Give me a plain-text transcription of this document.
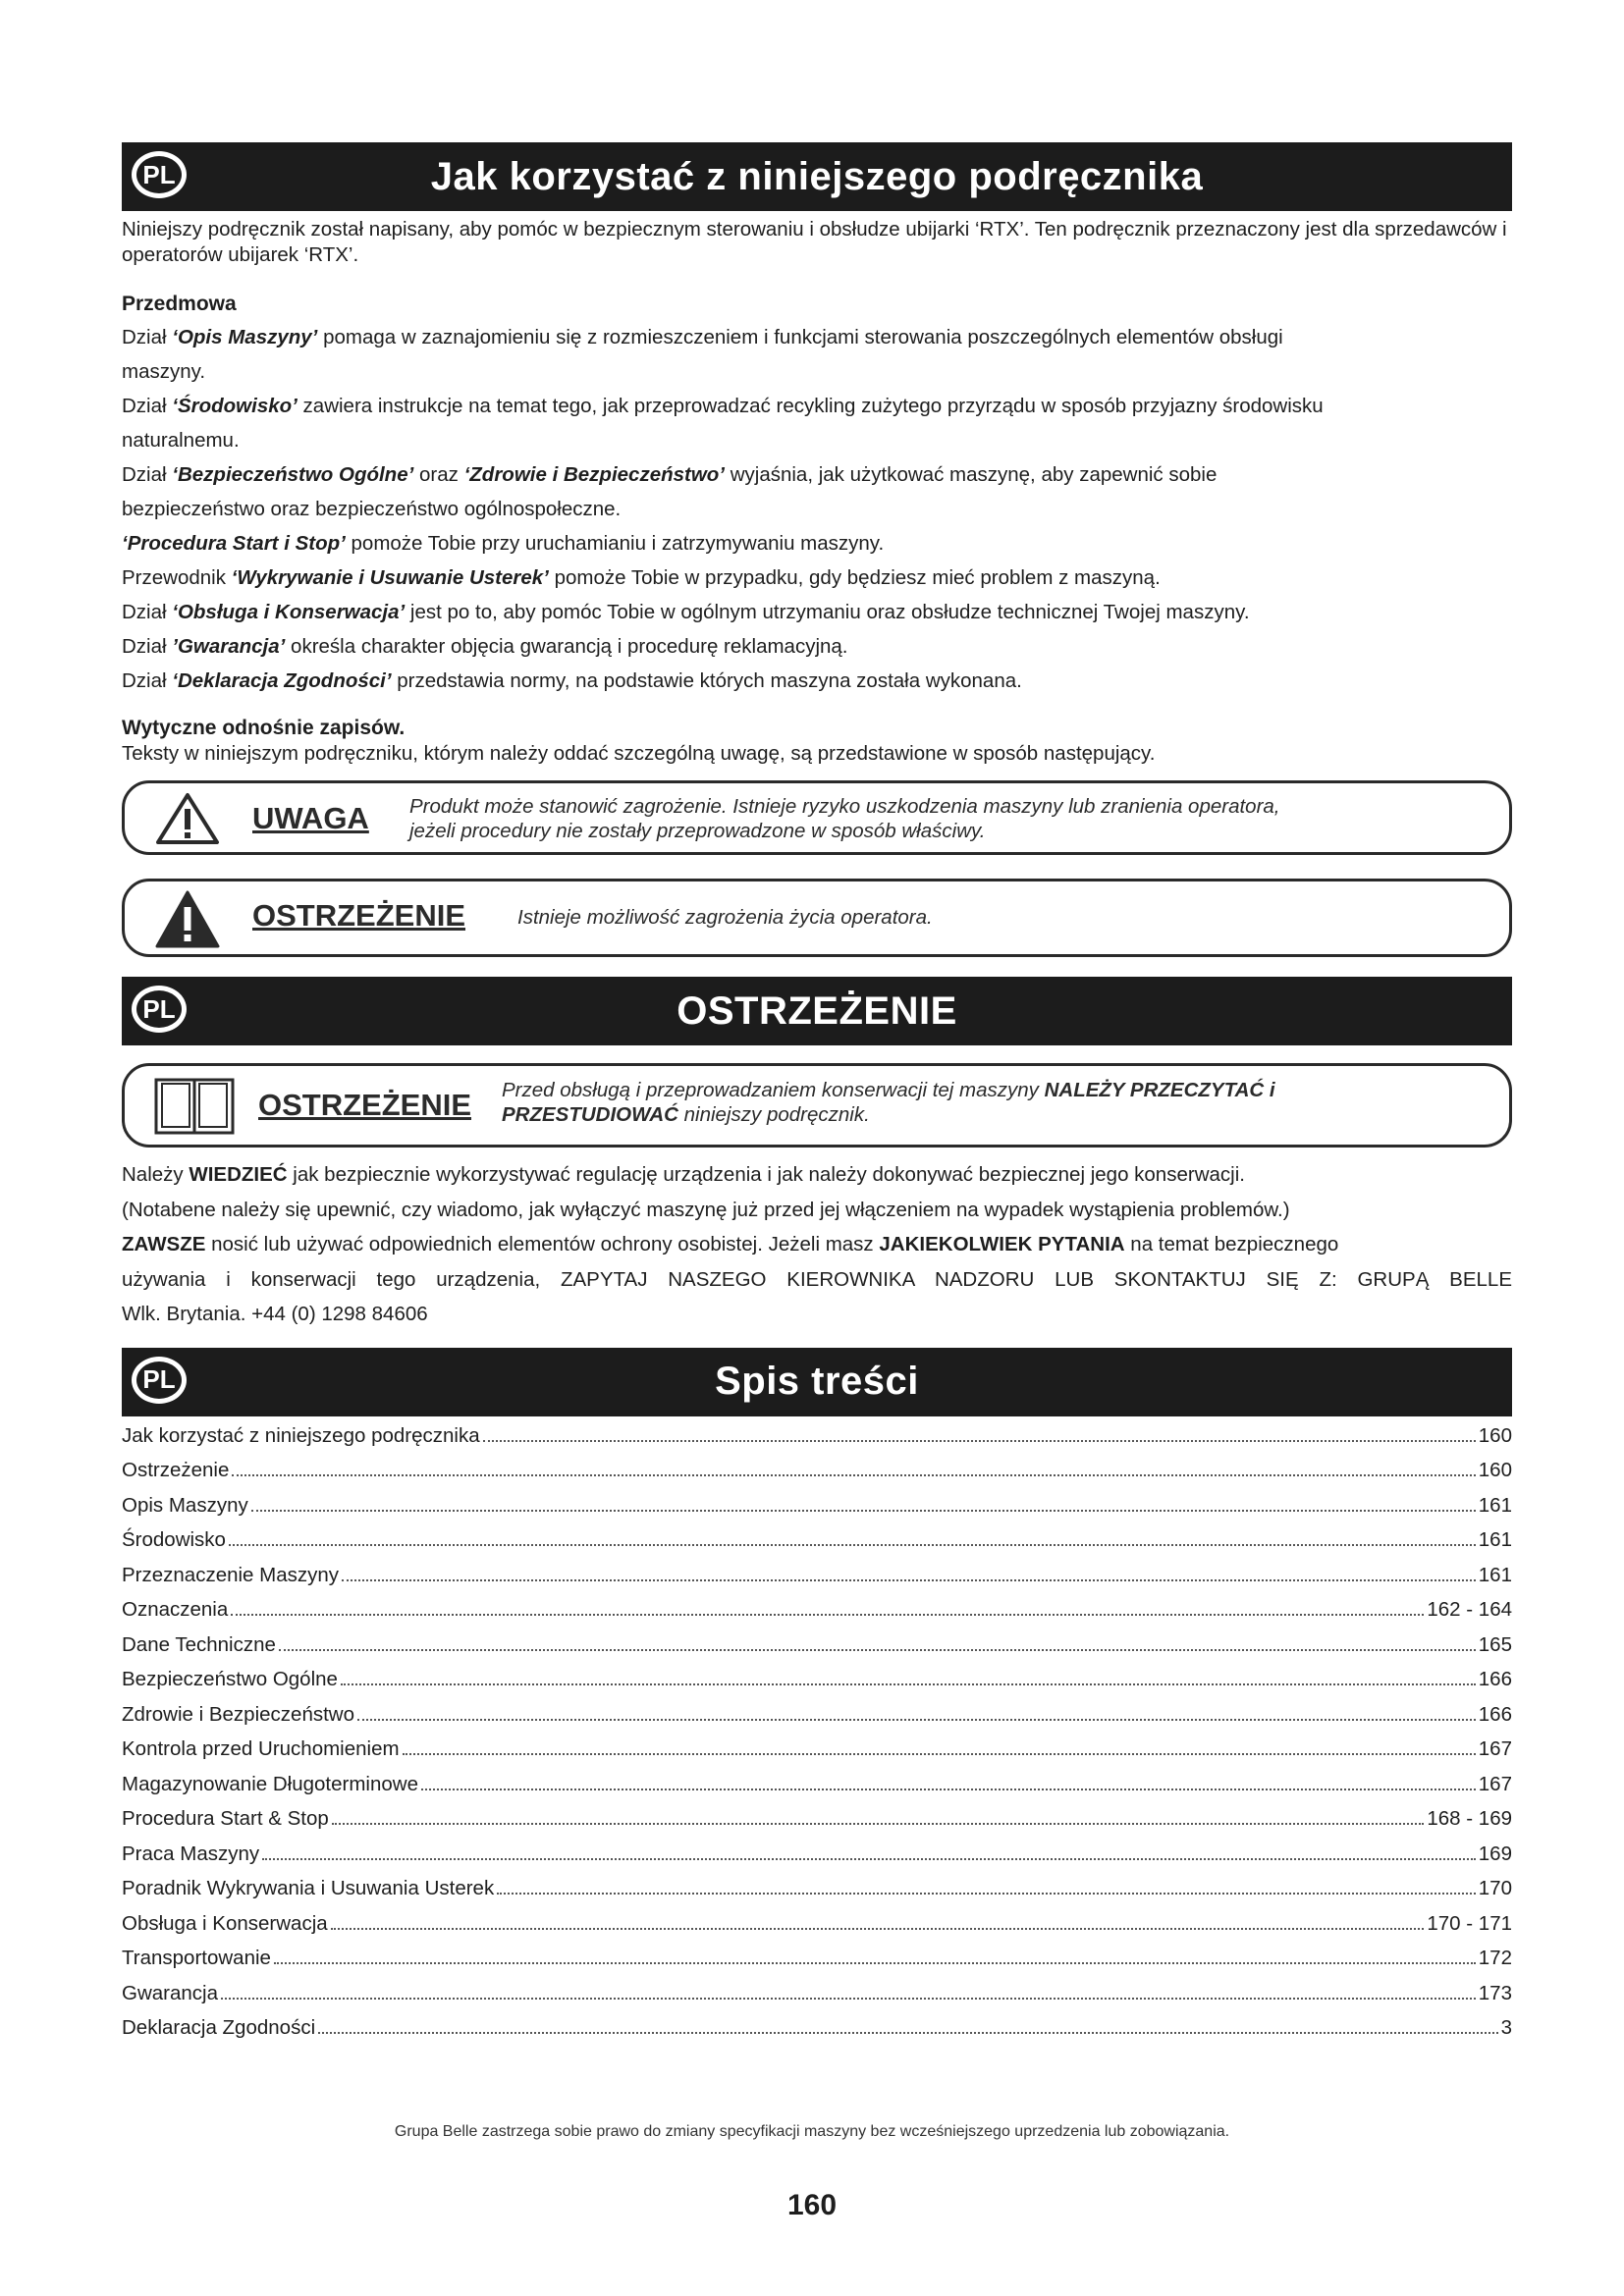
PL	Jak korzystać z niniejszego podręcznika

Niniejszy podręcznik został napisany, aby pomóc w bezpiecznym sterowaniu i obsłudze ubijarki ‘RTX’. Ten podręcznik przeznaczony jest dla sprzedawców i operatorów ubijarek ‘RTX’.

Przedmowa

Dział ‘Opis Maszyny’ pomaga w zaznajomieniu się z rozmieszczeniem i funkcjami sterowania poszczególnych elementów obsługi

maszyny.

Dział ‘Środowisko’ zawiera instrukcje na temat tego, jak przeprowadzać recykling zużytego przyrządu w sposób przyjazny środowisku

naturalnemu.

Dział ‘Bezpieczeństwo Ogólne’ oraz ‘Zdrowie i Bezpieczeństwo’ wyjaśnia, jak użytkować maszynę, aby zapewnić sobie

bezpieczeństwo oraz bezpieczeństwo ogólnospołeczne.

‘Procedura Start i Stop’ pomoże Tobie przy uruchamianiu i zatrzymywaniu maszyny.

Przewodnik ‘Wykrywanie i Usuwanie Usterek’ pomoże Tobie w przypadku, gdy będziesz mieć problem z maszyną.

Dział ‘Obsługa i Konserwacja’ jest po to, aby pomóc Tobie w ogólnym utrzymaniu oraz obsłudze technicznej Twojej maszyny.

Dział ’Gwarancja’ określa charakter objęcia gwarancją i procedurę reklamacyjną.

Dział ‘Deklaracja Zgodności’ przedstawia normy, na podstawie których maszyna została wykonana.

Wytyczne odnośnie zapisów.

Teksty w niniejszym podręczniku, którym należy oddać szczególną uwagę, są przedstawione w sposób następujący.

UWAGA Produkt może stanowić zagrożenie. Istnieje ryzyko uszkodzenia maszyny lub zranienia operatora,
jeżeli procedury nie zostały przeprowadzone w sposób właściwy.
OSTRZEŻENIE	Istnieje możliwość zagrożenia życia operatora.
PL	OSTRZEŻENIE
OSTRZEŻENIE Przed obsługą i przeprowadzaniem konserwacji tej maszyny NALEŻY PRZECZYTAĆ i
PRZESTUDIOWAĆ niniejszy podręcznik.

Należy WIEDZIEĆ jak bezpiecznie wykorzystywać regulację urządzenia i jak należy dokonywać bezpiecznej jego konserwacji.

(Notabene należy się upewnić, czy wiadomo, jak wyłączyć maszynę już przed jej włączeniem na wypadek wystąpienia problemów.)

ZAWSZE nosić lub używać odpowiednich elementów ochrony osobistej. Jeżeli masz JAKIEKOLWIEK PYTANIA na temat bezpiecznego

używania i konserwacji tego urządzenia, ZAPYTAJ NASZEGO KIEROWNIKA NADZORU LUB SKONTAKTUJ SIĘ Z: GRUPĄ BELLE

Wlk. Brytania. +44 (0) 1298 84606

PL	Spis treści
Jak korzystać z niniejszego podręcznika	160
Ostrzeżenie	160
Opis Maszyny	161
Środowisko	161
Przeznaczenie Maszyny	161
Oznaczenia	162 - 164
Dane Techniczne	165
Bezpieczeństwo Ogólne	166
Zdrowie i Bezpieczeństwo	166
Kontrola przed Uruchomieniem	167
Magazynowanie Długoterminowe	167
Procedura Start & Stop	168 - 169
Praca Maszyny	169
Poradnik Wykrywania i Usuwania Usterek	170
Obsługa i Konserwacja	170 - 171
Transportowanie	172
Gwarancja	173
Deklaracja Zgodności	3
Grupa Belle zastrzega sobie prawo do zmiany specyfikacji maszyny bez wcześniejszego uprzedzenia lub zobowiązania.
160
